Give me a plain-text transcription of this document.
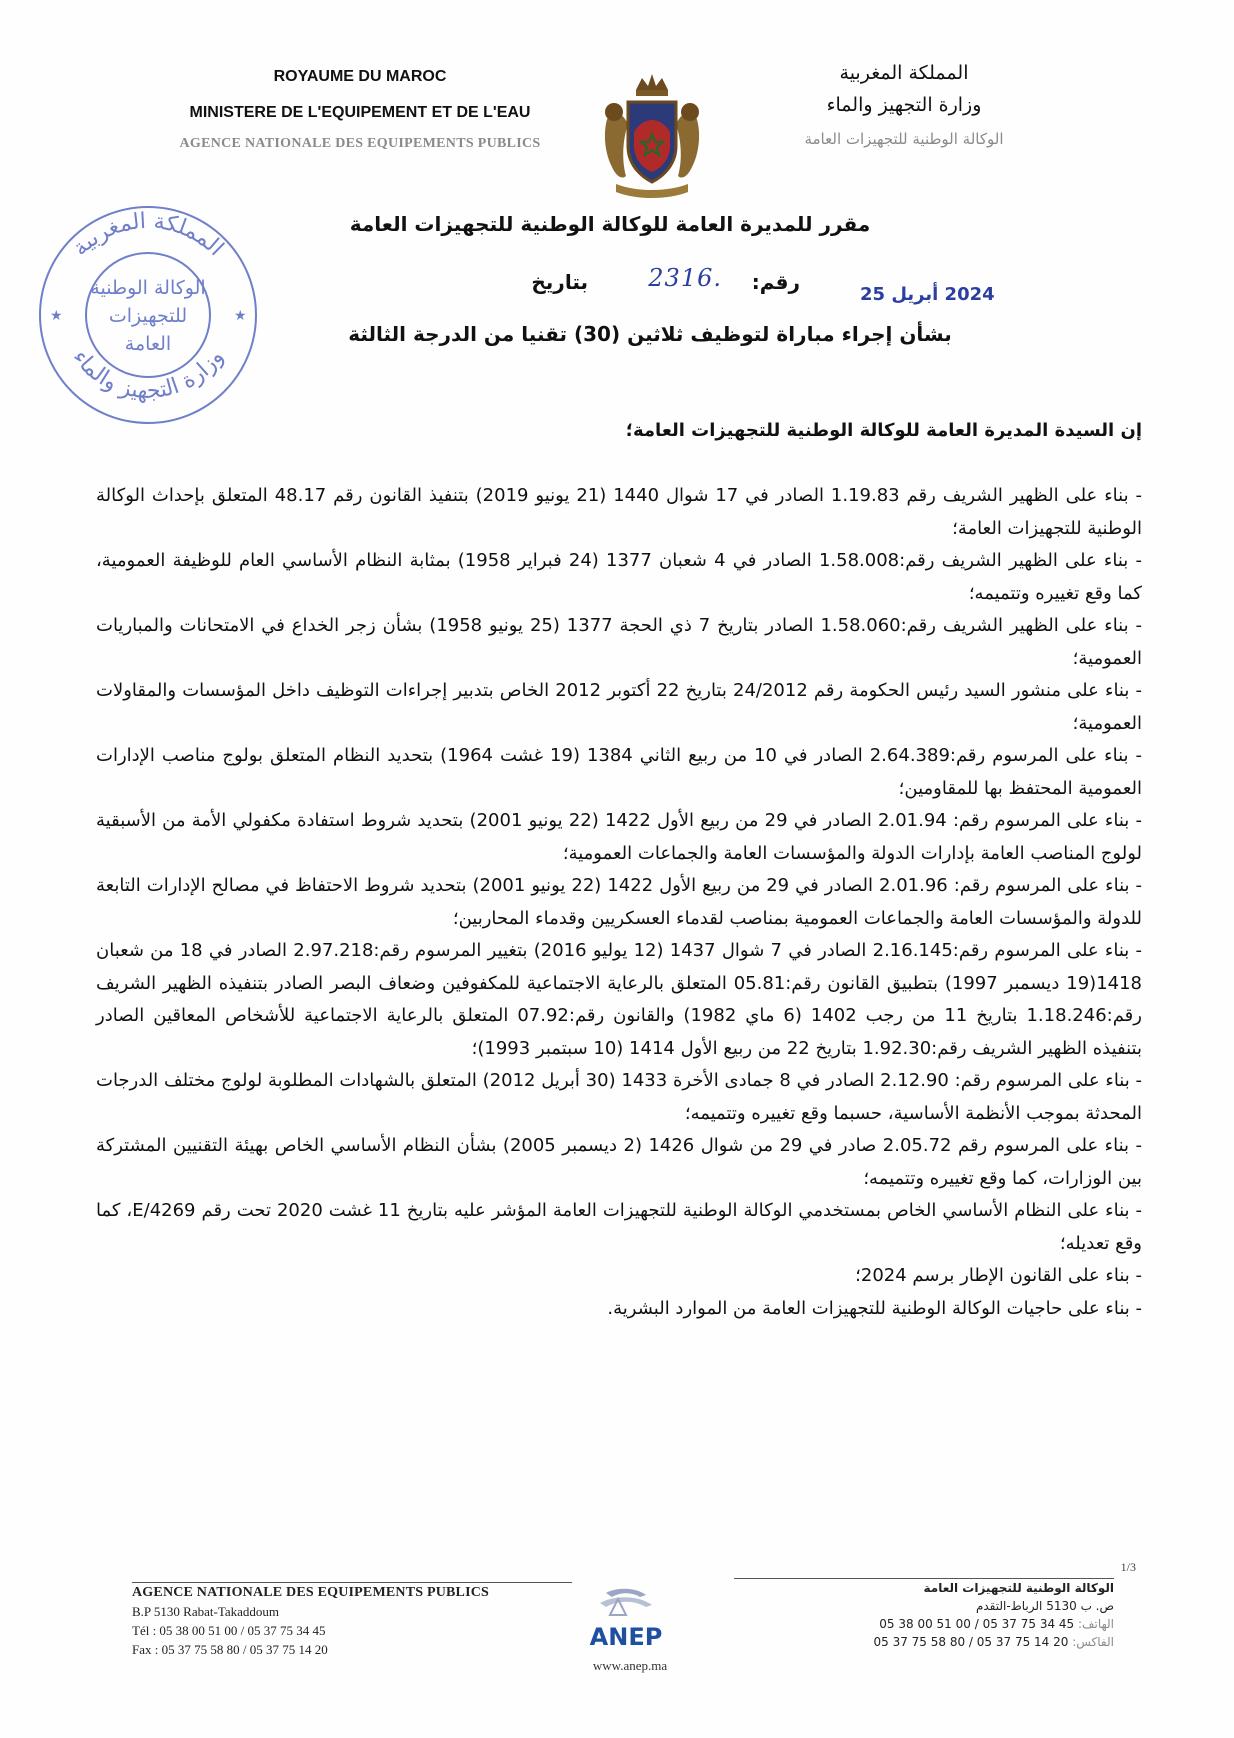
ROYAUME DU MAROC
MINISTERE DE L'EQUIPEMENT ET DE L'EAU
AGENCE NATIONALE DES EQUIPEMENTS PUBLICS
المملكة المغربية
وزارة التجهيز والماء
الوكالة الوطنية للتجهيزات العامة
المملكة المغربية
وزارة التجهيز والماء
★	★
الوكالة الوطنية
للتجهيزات
العامة
مقرر للمديرة العامة للوكالة الوطنية للتجهيزات العامة
رقم:
2316.
بتاريخ
2024 أبريل 25
بشأن إجراء مباراة لتوظيف ثلاثين (30) تقنيا من الدرجة الثالثة
إن السيدة المديرة العامة للوكالة الوطنية للتجهيزات العامة؛

- بناء على الظهير الشريف رقم 1.19.83 الصادر في 17 شوال 1440 (21 يونيو 2019) بتنفيذ القانون رقم 48.17 المتعلق بإحداث الوكالة الوطنية للتجهيزات العامة؛

- بناء على الظهير الشريف رقم:1.58.008 الصادر في 4 شعبان 1377 (24 فبراير 1958) بمثابة النظام الأساسي العام للوظيفة العمومية، كما وقع تغييره وتتميمه؛

- بناء على الظهير الشريف رقم:1.58.060 الصادر بتاريخ 7 ذي الحجة 1377 (25 يونيو 1958) بشأن زجر الخداع في الامتحانات والمباريات العمومية؛

- بناء على منشور السيد رئيس الحكومة رقم 24/2012 بتاريخ 22 أكتوبر 2012 الخاص بتدبير إجراءات التوظيف داخل المؤسسات والمقاولات العمومية؛

- بناء على المرسوم رقم:2.64.389 الصادر في 10 من ربيع الثاني 1384 (19 غشت 1964) بتحديد النظام المتعلق بولوج مناصب الإدارات العمومية المحتفظ بها للمقاومين؛

- بناء على المرسوم رقم: 2.01.94 الصادر في 29 من ربيع الأول 1422 (22 يونيو 2001) بتحديد شروط استفادة مكفولي الأمة من الأسبقية لولوج المناصب العامة بإدارات الدولة والمؤسسات العامة والجماعات العمومية؛

- بناء على المرسوم رقم: 2.01.96 الصادر في 29 من ربيع الأول 1422 (22 يونيو 2001) بتحديد شروط الاحتفاظ في مصالح الإدارات التابعة للدولة والمؤسسات العامة والجماعات العمومية بمناصب لقدماء العسكريين وقدماء المحاربين؛

- بناء على المرسوم رقم:2.16.145 الصادر في 7 شوال 1437 (12 يوليو 2016) بتغيير المرسوم رقم:2.97.218 الصادر في 18 من شعبان 1418(19 ديسمبر 1997) بتطبيق القانون رقم:05.81 المتعلق بالرعاية الاجتماعية للمكفوفين وضعاف البصر الصادر بتنفيذه الظهير الشريف رقم:1.18.246 بتاريخ 11 من رجب 1402 (6 ماي 1982) والقانون رقم:07.92 المتعلق بالرعاية الاجتماعية للأشخاص المعاقين الصادر بتنفيذه الظهير الشريف رقم:1.92.30 بتاريخ 22 من ربيع الأول 1414 (10 سبتمبر 1993)؛

- بناء على المرسوم رقم: 2.12.90 الصادر في 8 جمادى الأخرة 1433 (30 أبريل 2012) المتعلق بالشهادات المطلوبة لولوج مختلف الدرجات المحدثة بموجب الأنظمة الأساسية، حسبما وقع تغييره وتتميمه؛

- بناء على المرسوم رقم 2.05.72 صادر في 29 من شوال 1426 (2 ديسمبر 2005) بشأن النظام الأساسي الخاص بهيئة التقنيين المشتركة بين الوزارات، كما وقع تغييره وتتميمه؛

- بناء على النظام الأساسي الخاص بمستخدمي الوكالة الوطنية للتجهيزات العامة المؤشر عليه بتاريخ 11 غشت 2020 تحت رقم E/4269، كما وقع تعديله؛

- بناء على القانون الإطار برسم 2024؛

- بناء على حاجيات الوكالة الوطنية للتجهيزات العامة من الموارد البشرية.

1/3
AGENCE NATIONALE DES EQUIPEMENTS PUBLICS
B.P 5130 Rabat-Takaddoum
Tél : 05 38 00 51 00 / 05 37 75 34 45
Fax : 05 37 75 58 80 / 05 37 75 14 20	ANEP
www.anep.ma
الوكالة الوطنية للتجهيزات العامة
ص. ب 5130 الرباط-التقدم
الهاتف: 05 38 00 51 00 / 05 37 75 34 45
الفاكس: 05 37 75 58 80 / 05 37 75 14 20
